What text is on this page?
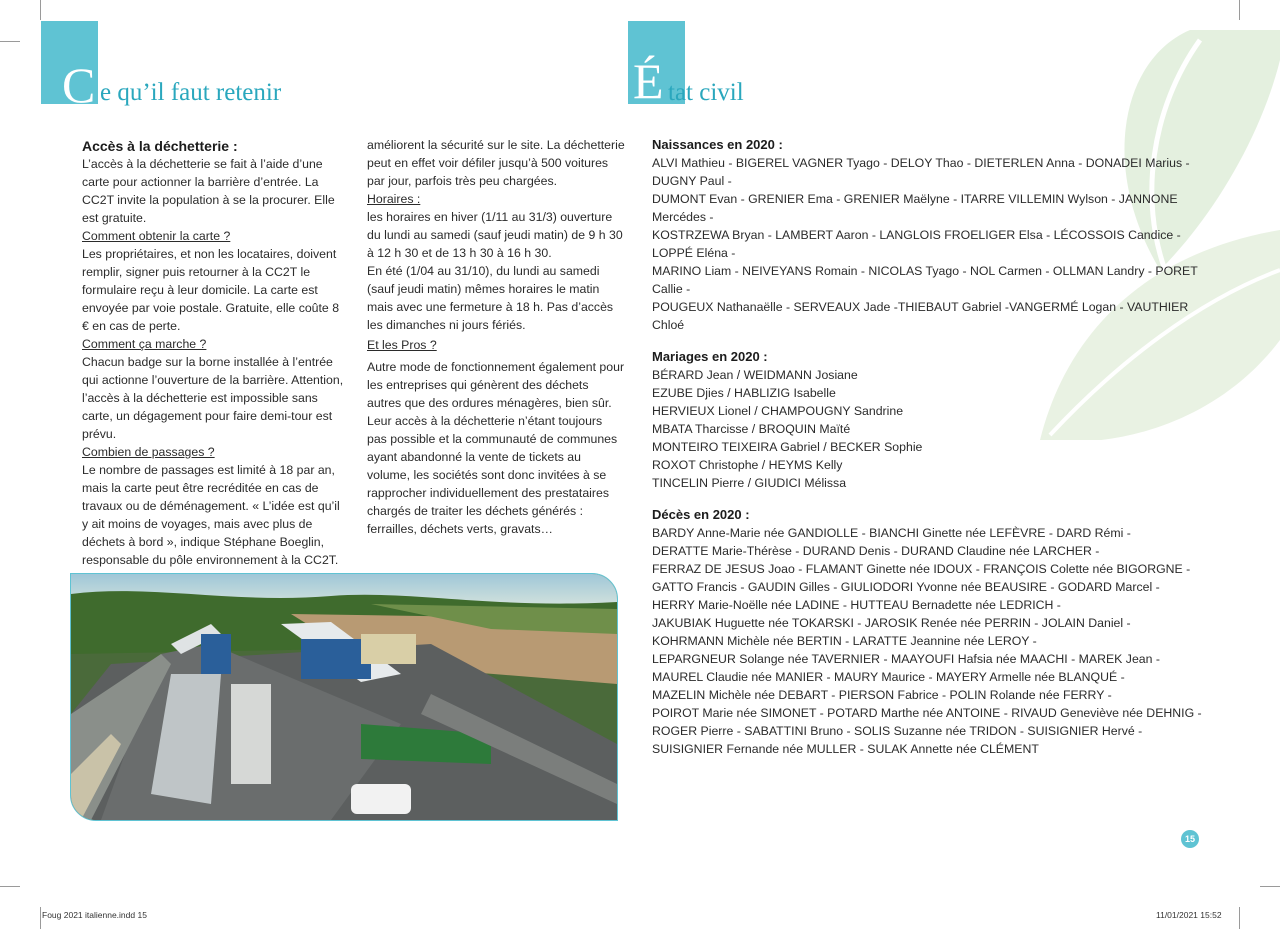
C e qu’il faut retenir	É tat civil

Accès à la déchetterie :

L’accès à la déchetterie se fait à l’aide d’une carte pour actionner la barrière d’entrée. La CC2T invite la population à se la procurer. Elle est gratuite.

Comment obtenir la carte ?

Les propriétaires, et non les locataires, doivent remplir, signer puis retourner à la CC2T le formulaire reçu à leur domicile. La carte est envoyée par voie postale. Gratuite, elle coûte 8 € en cas de perte.

Comment ça marche ?

Chacun badge sur la borne installée à l’entrée qui actionne l’ouverture de la barrière. Attention, l’accès à la déchetterie est impossible sans carte, un dégagement pour faire demi-tour est prévu.

Combien de passages ?

Le nombre de passages est limité à 18 par an, mais la carte peut être recréditée en cas de travaux ou de déménagement. « L’idée est qu’il y ait moins de voyages, mais avec plus de déchets à bord », indique Stéphane Boeglin, responsable du pôle environnement à la CC2T.

améliorent la sécurité sur le site. La déchetterie peut en effet voir défiler jusqu’à 500 voitures par jour, parfois très peu chargées.

Horaires :

les horaires en hiver (1/11 au 31/3) ouverture du lundi au samedi (sauf jeudi matin) de 9 h 30 à 12 h 30 et de 13 h 30 à 16 h 30.

En été (1/04 au 31/10), du lundi au samedi (sauf jeudi matin) mêmes horaires le matin mais avec une fermeture à 18 h. Pas d’accès les dimanches ni jours fériés.

Et les Pros ?

Autre mode de fonctionnement également pour les entreprises qui génèrent des déchets autres que des ordures ménagères, bien sûr. Leur accès à la déchetterie n’étant toujours pas possible et la communauté de communes ayant abandonné la vente de tickets au volume, les sociétés sont donc invitées à se rapprocher individuellement des prestataires chargés de traiter les déchets générés : ferrailles, déchets verts, gravats…

Naissances en 2020 :

ALVI Mathieu - BIGEREL VAGNER Tyago - DELOY Thao - DIETERLEN Anna - DONADEI Marius - DUGNY Paul -

DUMONT Evan - GRENIER Ema - GRENIER Maëlyne - ITARRE VILLEMIN Wylson - JANNONE Mercédes -

KOSTRZEWA Bryan - LAMBERT Aaron - LANGLOIS FROELIGER Elsa - LÉCOSSOIS Candice - LOPPÉ Eléna -

MARINO Liam - NEIVEYANS Romain - NICOLAS Tyago - NOL Carmen - OLLMAN Landry - PORET Callie -

POUGEUX Nathanaëlle - SERVEAUX Jade -THIEBAUT Gabriel -VANGERMÉ Logan - VAUTHIER Chloé

Mariages en 2020 :

BÉRARD Jean / WEIDMANN Josiane

EZUBE Djies / HABLIZIG Isabelle

HERVIEUX Lionel / CHAMPOUGNY Sandrine

MBATA Tharcisse / BROQUIN Maïté

MONTEIRO TEIXEIRA Gabriel / BECKER Sophie

ROXOT Christophe / HEYMS Kelly

TINCELIN Pierre / GIUDICI Mélissa

Décès en 2020 :

BARDY Anne-Marie née GANDIOLLE - BIANCHI Ginette née LEFÈVRE - DARD Rémi -

DERATTE Marie-Thérèse - DURAND Denis - DURAND Claudine née LARCHER -

FERRAZ DE JESUS Joao - FLAMANT Ginette née IDOUX - FRANÇOIS Colette née BIGORGNE -

GATTO Francis - GAUDIN Gilles - GIULIODORI Yvonne née BEAUSIRE - GODARD Marcel -

HERRY Marie-Noëlle née LADINE - HUTTEAU Bernadette née LEDRICH -

JAKUBIAK Huguette née TOKARSKI - JAROSIK Renée née PERRIN - JOLAIN Daniel -

KOHRMANN Michèle née BERTIN - LARATTE Jeannine née LEROY -

LEPARGNEUR Solange née TAVERNIER - MAAYOUFI Hafsia née MAACHI - MAREK Jean -

MAUREL Claudie née MANIER - MAURY Maurice - MAYERY Armelle née BLANQUÉ -

MAZELIN Michèle née DEBART - PIERSON Fabrice - POLIN Rolande née FERRY -

POIROT Marie née SIMONET - POTARD Marthe née ANTOINE - RIVAUD Geneviève née DEHNIG -

ROGER Pierre - SABATTINI Bruno - SOLIS Suzanne née TRIDON - SUISIGNIER Hervé -

SUISIGNIER Fernande née MULLER - SULAK Annette née CLÉMENT

15
Foug 2021 italienne.indd 15	11/01/2021 15:52
